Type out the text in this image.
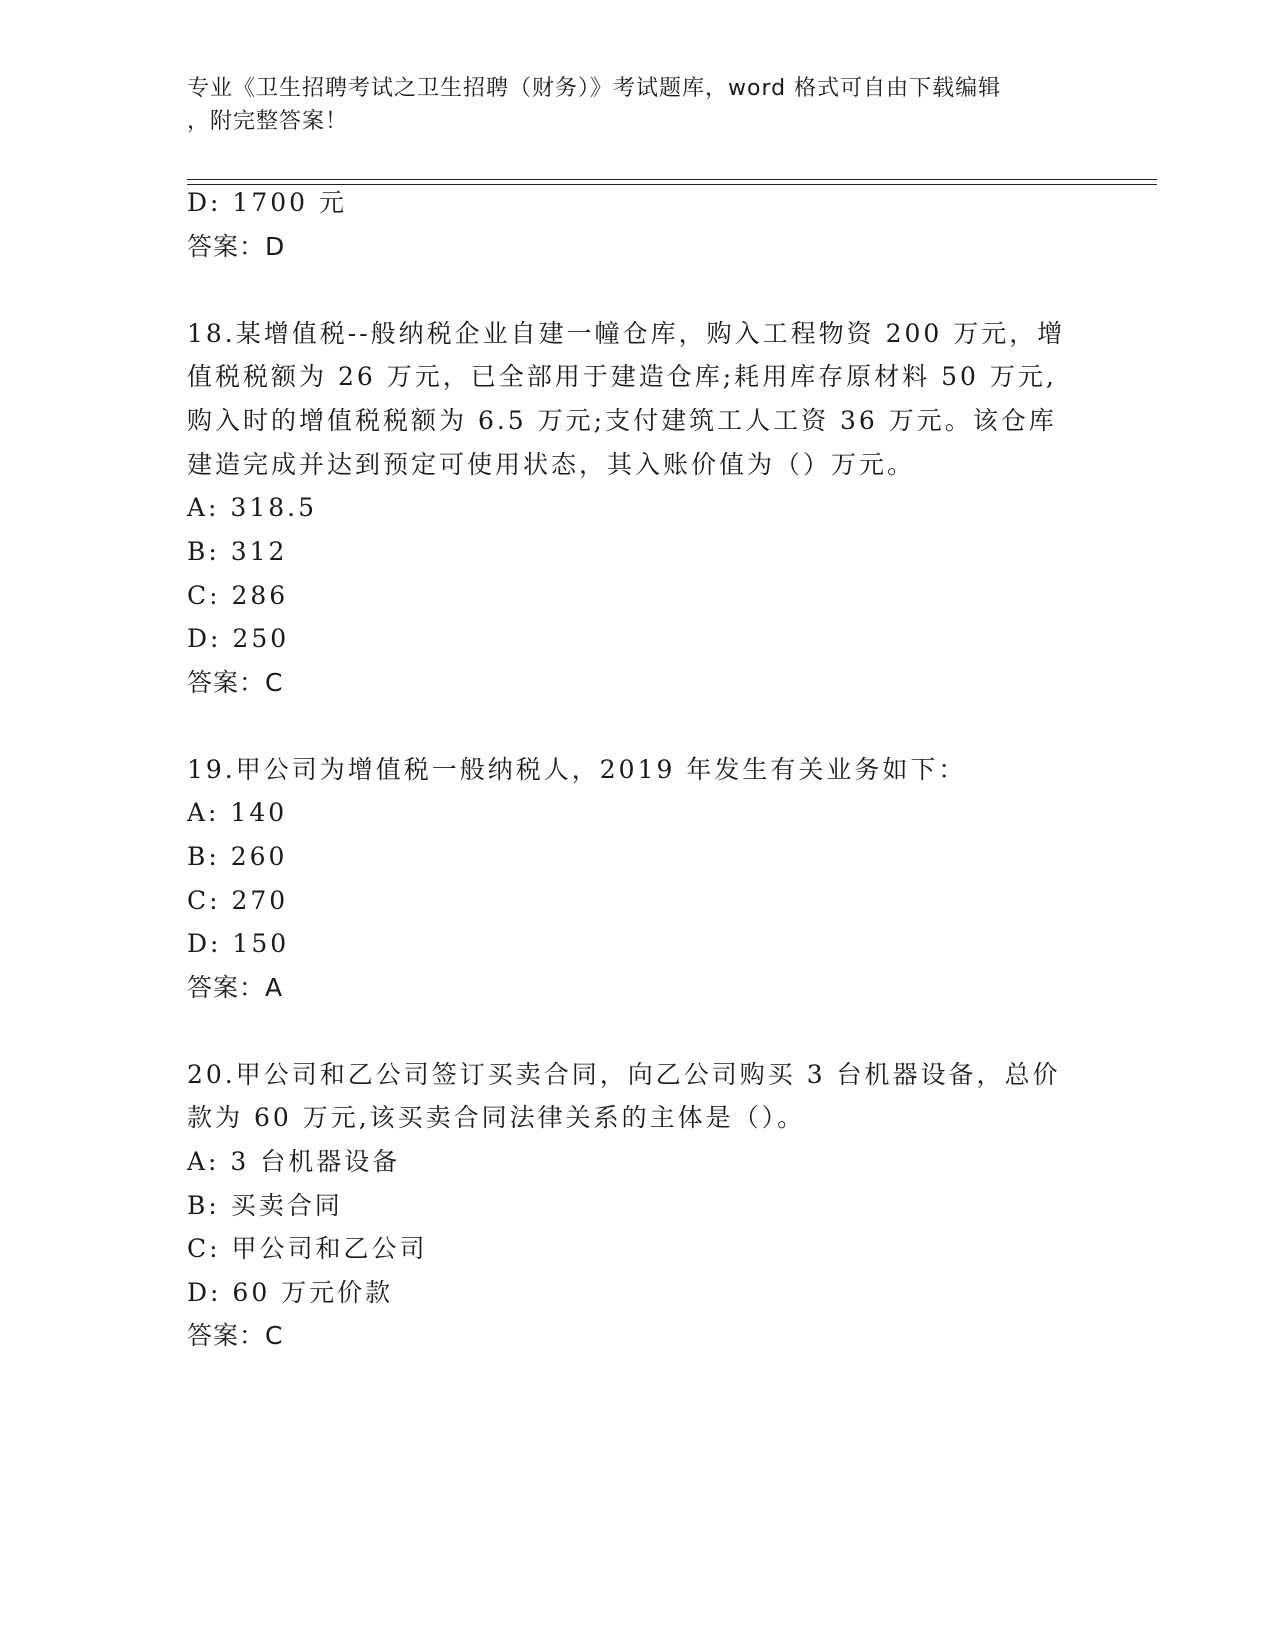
专业《卫生招聘考试之卫生招聘（财务）》考试题库，word 格式可自由下载编辑
，附完整答案！
D: 1700 元
答案：D
18.某增值税--般纳税企业自建一幢仓库，购入工程物资 200 万元，增
值税税额为 26 万元，已全部用于建造仓库;耗用库存原材料 50 万元,
购入时的增值税税额为 6.5 万元;支付建筑工人工资 36 万元。该仓库
建造完成并达到预定可使用状态，其入账价值为（）万元。
A: 318.5
B: 312
C: 286
D: 250
答案：C
19.甲公司为增值税一般纳税人，2019 年发生有关业务如下：
A: 140
B: 260
C: 270
D: 150
答案：A
20.甲公司和乙公司签订买卖合同，向乙公司购买 3 台机器设备，总价
款为 60 万元,该买卖合同法律关系的主体是（）。
A: 3 台机器设备
B: 买卖合同
C: 甲公司和乙公司
D: 60 万元价款
答案：C
